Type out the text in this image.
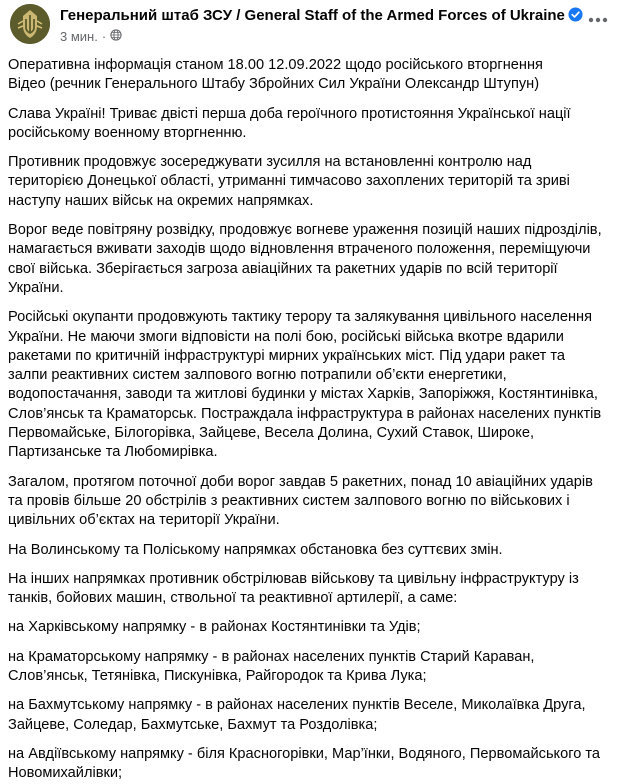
Генеральний штаб ЗСУ / General Staff of the Armed Forces of Ukraine
3 мин. ·

Оперативна інформація станом 18.00 12.09.2022 щодо російського вторгнення
Відео (речник Генерального Штабу Збройних Сил України Олександр Штупун)

Слава Україні! Триває двісті перша доба героїчного протистояння Української нації російському военному вторгненню.

Противник продовжує зосереджувати зусилля на встановленні контролю над територією Донецької області, утриманні тимчасово захоплених територій та зриві наступу наших військ на окремих напрямках.

Ворог веде повітряну розвідку, продовжує вогневе ураження позицій наших підрозділів, намагається вживати заходів щодо відновлення втраченого положення, переміщуючи свої війська. Зберігається загроза авіаційних та ракетних ударів по всій території України.

Російські окупанти продовжують тактику терору та залякування цивільного населення України. Не маючи змоги відповісти на полі бою, російські війська вкотре вдарили ракетами по критичній інфраструктурі мирних українських міст. Під удари ракет та залпи реактивних систем залпового вогню потрапили об’єкти енергетики, водопостачання, заводи та житлові будинки у містах Харків, Запоріжжя, Костянтинівка, Слов’янськ та Краматорськ. Постраждала інфраструктура в районах населених пунктів Первомайське, Білогорівка, Зайцеве, Весела Долина, Сухий Ставок, Широке, Партизанське та Любомирівка.

Загалом, протягом поточної доби ворог завдав 5 ракетних, понад 10 авіаційних ударів та провів більше 20 обстрілів з реактивних систем залпового вогню по військових і цивільних об’єктах на території України.

На Волинському та Поліському напрямках обстановка без суттєвих змін.

На інших напрямках противник обстрілював військову та цивільну інфраструктуру із танків, бойових машин, ствольної та реактивної артилерії, а саме:

на Харківському напрямку - в районах Костянтинівки та Удів;

на Краматорському напрямку - в районах населених пунктів Старий Караван, Слов’янськ, Тетянівка, Пискунівка, Райгородок та Крива Лука;

на Бахмутському напрямку - в районах населених пунктів Веселе, Миколаївка Друга, Зайцеве, Соледар, Бахмутське, Бахмут та Роздолівка;

на Авдіївському напрямку - біля Красногорівки, Мар’їнки, Водяного, Первомайського та Новомихайлівки;
